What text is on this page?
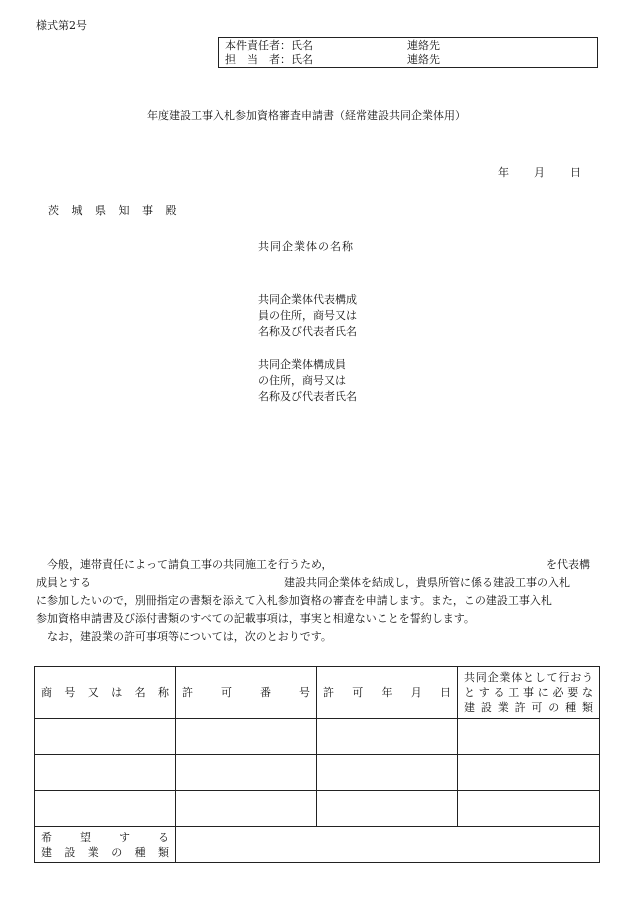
様式第2号
本件責任者：氏名	連絡先
担　当　者：氏名	連絡先
年度建設工事入札参加資格審査申請書（経常建設共同企業体用）
年 月 日
茨 城 県 知 事 殿
共同企業体の名称
共同企業体代表構成
員の住所，商号又は
名称及び代表者氏名
共同企業体構成員
の住所，商号又は
名称及び代表者氏名
今般，連帯責任によって請負工事の共同施工を行うため，	を代表構
成員とする	建設共同企業体を結成し，貴県所管に係る建設工事の入札
に参加したいので，別冊指定の書類を添えて入札参加資格の審査を申請します。また，この建設工事入札
参加資格申請書及び添付書類のすべての記載事項は，事実と相違ないことを誓約します。
なお，建設業の許可事項等については，次のとおりです。
商号又は名称	許可番号	許可年月日	共同企業体として行おう
とする工事に必要な
建設業許可の種類

希望する
建設業の種類			
